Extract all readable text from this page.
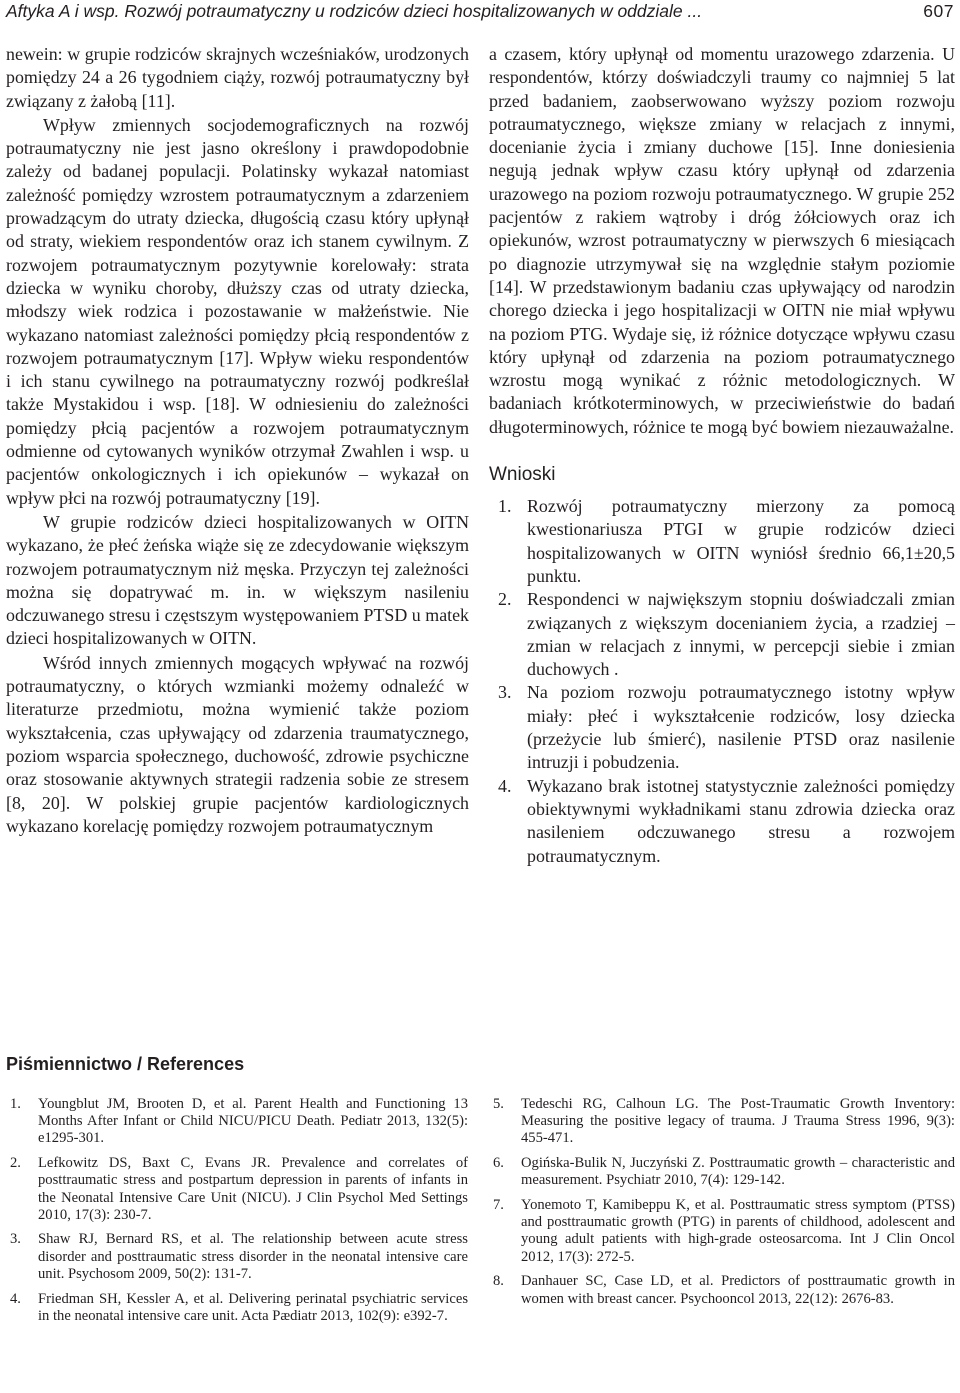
Aftyka A i wsp. Rozwój potraumatyczny u rodziców dzieci hospitalizowanych w oddziale ...	607

newein: w grupie rodziców skrajnych wcześniaków, urodzonych pomiędzy 24 a 26 tygodniem ciąży, rozwój potraumatyczny był związany z żałobą [11].

Wpływ zmiennych socjodemograficznych na rozwój potraumatyczny nie jest jasno określony i prawdopodobnie zależy od badanej populacji. Polatinsky wykazał natomiast zależność pomiędzy wzrostem potraumatycznym a zdarzeniem prowadzącym do utraty dziecka, długością czasu który upłynął od straty, wiekiem respondentów oraz ich stanem cywilnym. Z rozwojem potraumatycznym pozytywnie korelowały: strata dziecka w wyniku choroby, dłuższy czas od utraty dziecka, młodszy wiek rodzica i pozostawanie w małżeństwie. Nie wykazano natomiast zależności pomiędzy płcią respondentów z rozwojem potraumatycznym [17]. Wpływ wieku respondentów i ich stanu cywilnego na potraumatyczny rozwój podkreślał także Mystakidou i wsp. [18]. W odniesieniu do zależności pomiędzy płcią pacjentów a rozwojem potraumatycznym odmienne od cytowanych wyników otrzymał Zwahlen i wsp. u pacjentów onkologicznych i ich opiekunów – wykazał on wpływ płci na rozwój potraumatyczny [19].

W grupie rodziców dzieci hospitalizowanych w OITN wykazano, że płeć żeńska wiąże się ze zdecydowanie większym rozwojem potraumatycznym niż męska. Przyczyn tej zależności można się dopatrywać m. in. w większym nasileniu odczuwanego stresu i częstszym występowaniem PTSD u matek dzieci hospitalizowanych w OITN.

Wśród innych zmiennych mogących wpływać na rozwój potraumatyczny, o których wzmianki możemy odnaleźć w literaturze przedmiotu, można wymienić także poziom wykształcenia, czas upływający od zdarzenia traumatycznego, poziom wsparcia społecznego, duchowość, zdrowie psychiczne oraz stosowanie aktywnych strategii radzenia sobie ze stresem [8, 20]. W polskiej grupie pacjentów kardiologicznych wykazano korelację pomiędzy rozwojem potraumatycznym

a czasem, który upłynął od momentu urazowego zdarzenia. U respondentów, którzy doświadczyli traumy co najmniej 5 lat przed badaniem, zaobserwowano wyższy poziom rozwoju potraumatycznego, większe zmiany w relacjach z innymi, docenianie życia i zmiany duchowe [15]. Inne doniesienia negują jednak wpływ czasu który upłynął od zdarzenia urazowego na poziom rozwoju potraumatycznego. W grupie 252 pacjentów z rakiem wątroby i dróg żółciowych oraz ich opiekunów, wzrost potraumatyczny w pierwszych 6 miesiącach po diagnozie utrzymywał się na względnie stałym poziomie [14]. W przedstawionym badaniu czas upływający od narodzin chorego dziecka i jego hospitalizacji w OITN nie miał wpływu na poziom PTG. Wydaje się, iż różnice dotyczące wpływu czasu który upłynął od zdarzenia na poziom potraumatycznego wzrostu mogą wynikać z różnic metodologicznych. W badaniach krótkoterminowych, w przeciwieństwie do badań długoterminowych, różnice te mogą być bowiem niezauważalne.

Wnioski
1. Rozwój potraumatyczny mierzony za pomocą kwestionariusza PTGI w grupie rodziców dzieci hospitalizowanych w OITN wyniósł średnio 66,1±20,5 punktu.
2. Respondenci w największym stopniu doświadczali zmian związanych z większym docenianiem życia, a rzadziej – zmian w relacjach z innymi, w percepcji siebie i zmian duchowych .
3. Na poziom rozwoju potraumatycznego istotny wpływ miały: płeć i wykształcenie rodziców, losy dziecka (przeżycie lub śmierć), nasilenie PTSD oraz nasilenie intruzji i pobudzenia.
4. Wykazano brak istotnej statystycznie zależności pomiędzy obiektywnymi wykładnikami stanu zdrowia dziecka oraz nasileniem odczuwanego stresu a rozwojem potraumatycznym.
Piśmiennictwo / References
1. Youngblut JM, Brooten D, et al. Parent Health and Functioning 13 Months After Infant or Child NICU/PICU Death. Pediatr 2013, 132(5): e1295-301.
2. Lefkowitz DS, Baxt C, Evans JR. Prevalence and correlates of posttraumatic stress and postpartum depression in parents of infants in the Neonatal Intensive Care Unit (NICU). J Clin Psychol Med Settings 2010, 17(3): 230-7.
3. Shaw RJ, Bernard RS, et al. The relationship between acute stress disorder and posttraumatic stress disorder in the neonatal intensive care unit. Psychosom 2009, 50(2): 131-7.
4. Friedman SH, Kessler A, et al. Delivering perinatal psychiatric services in the neonatal intensive care unit. Acta Pædiatr 2013, 102(9): e392-7.
5. Tedeschi RG, Calhoun LG. The Post-Traumatic Growth Inventory: Measuring the positive legacy of trauma. J Trauma Stress 1996, 9(3): 455-471.
6. Ogińska-Bulik N, Juczyński Z. Posttraumatic growth – characteristic and measurement. Psychiatr 2010, 7(4): 129-142.
7. Yonemoto T, Kamibeppu K, et al. Posttraumatic stress symptom (PTSS) and posttraumatic growth (PTG) in parents of childhood, adolescent and young adult patients with high-grade osteosarcoma. Int J Clin Oncol 2012, 17(3): 272-5.
8. Danhauer SC, Case LD, et al. Predictors of posttraumatic growth in women with breast cancer. Psychooncol 2013, 22(12): 2676-83.
